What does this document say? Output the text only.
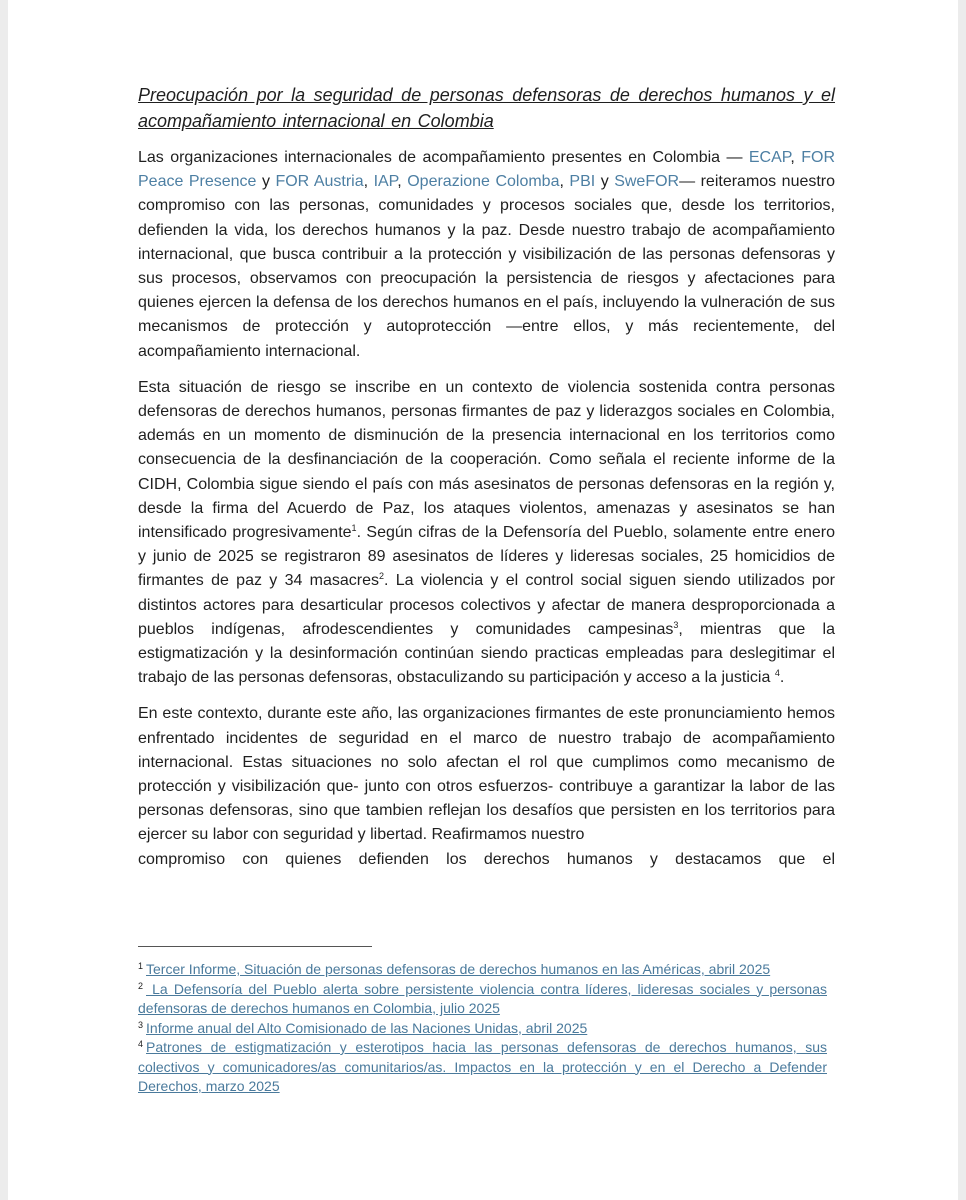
Preocupación por la seguridad de personas defensoras de derechos humanos y el acompañamiento internacional en Colombia

Las organizaciones internacionales de acompañamiento presentes en Colombia — ECAP, FOR Peace Presence y FOR Austria, IAP, Operazione Colomba, PBI y SweFOR— reiteramos nuestro compromiso con las personas, comunidades y procesos sociales que, desde los territorios, defienden la vida, los derechos humanos y la paz. Desde nuestro trabajo de acompañamiento internacional, que busca contribuir a la protección y visibilización de las personas defensoras y sus procesos, observamos con preocupación la persistencia de riesgos y afectaciones para quienes ejercen la defensa de los derechos humanos en el país, incluyendo la vulneración de sus mecanismos de protección y autoprotección —entre ellos, y más recientemente, del acompañamiento internacional.

Esta situación de riesgo se inscribe en un contexto de violencia sostenida contra personas defensoras de derechos humanos, personas firmantes de paz y liderazgos sociales en Colombia, además en un momento de disminución de la presencia internacional en los territorios como consecuencia de la desfinanciación de la cooperación. Como señala el reciente informe de la CIDH, Colombia sigue siendo el país con más asesinatos de personas defensoras en la región y, desde la firma del Acuerdo de Paz, los ataques violentos, amenazas y asesinatos se han intensificado progresivamente$^1$. Según cifras de la Defensoría del Pueblo, solamente entre enero y junio de 2025 se registraron 89 asesinatos de líderes y lideresas sociales, 25 homicidios de firmantes de paz y 34 masacres$^2$. La violencia y el control social siguen siendo utilizados por distintos actores para desarticular procesos colectivos y afectar de manera desproporcionada a pueblos indígenas, afrodescendientes y comunidades campesinas$^3$, mientras que la estigmatización y la desinformación continúan siendo practicas empleadas para deslegitimar el trabajo de las personas defensoras, obstaculizando su participación y acceso a la justicia $^4$.

En este contexto, durante este año, las organizaciones firmantes de este pronunciamiento hemos enfrentado incidentes de seguridad en el marco de nuestro trabajo de acompañamiento internacional. Estas situaciones no solo afectan el rol que cumplimos como mecanismo de protección y visibilización que- junto con otros esfuerzos- contribuye a garantizar la labor de las personas defensoras, sino que tambien reflejan los desafíos que persisten en los territorios para ejercer su labor con seguridad y libertad. Reafirmamos nuestro
compromiso con quienes defienden los derechos humanos y destacamos que el

$^1$ Tercer Informe, Situación de personas defensoras de derechos humanos en las Américas, abril 2025

$^2$ La Defensoría del Pueblo alerta sobre persistente violencia contra líderes, lideresas sociales y personas defensoras de derechos humanos en Colombia, julio 2025

$^3$ Informe anual del Alto Comisionado de las Naciones Unidas, abril 2025

$^4$ Patrones de estigmatización y esterotipos hacia las personas defensoras de derechos humanos, sus colectivos y comunicadores/as comunitarios/as. Impactos en la protección y en el Derecho a Defender Derechos, marzo 2025
